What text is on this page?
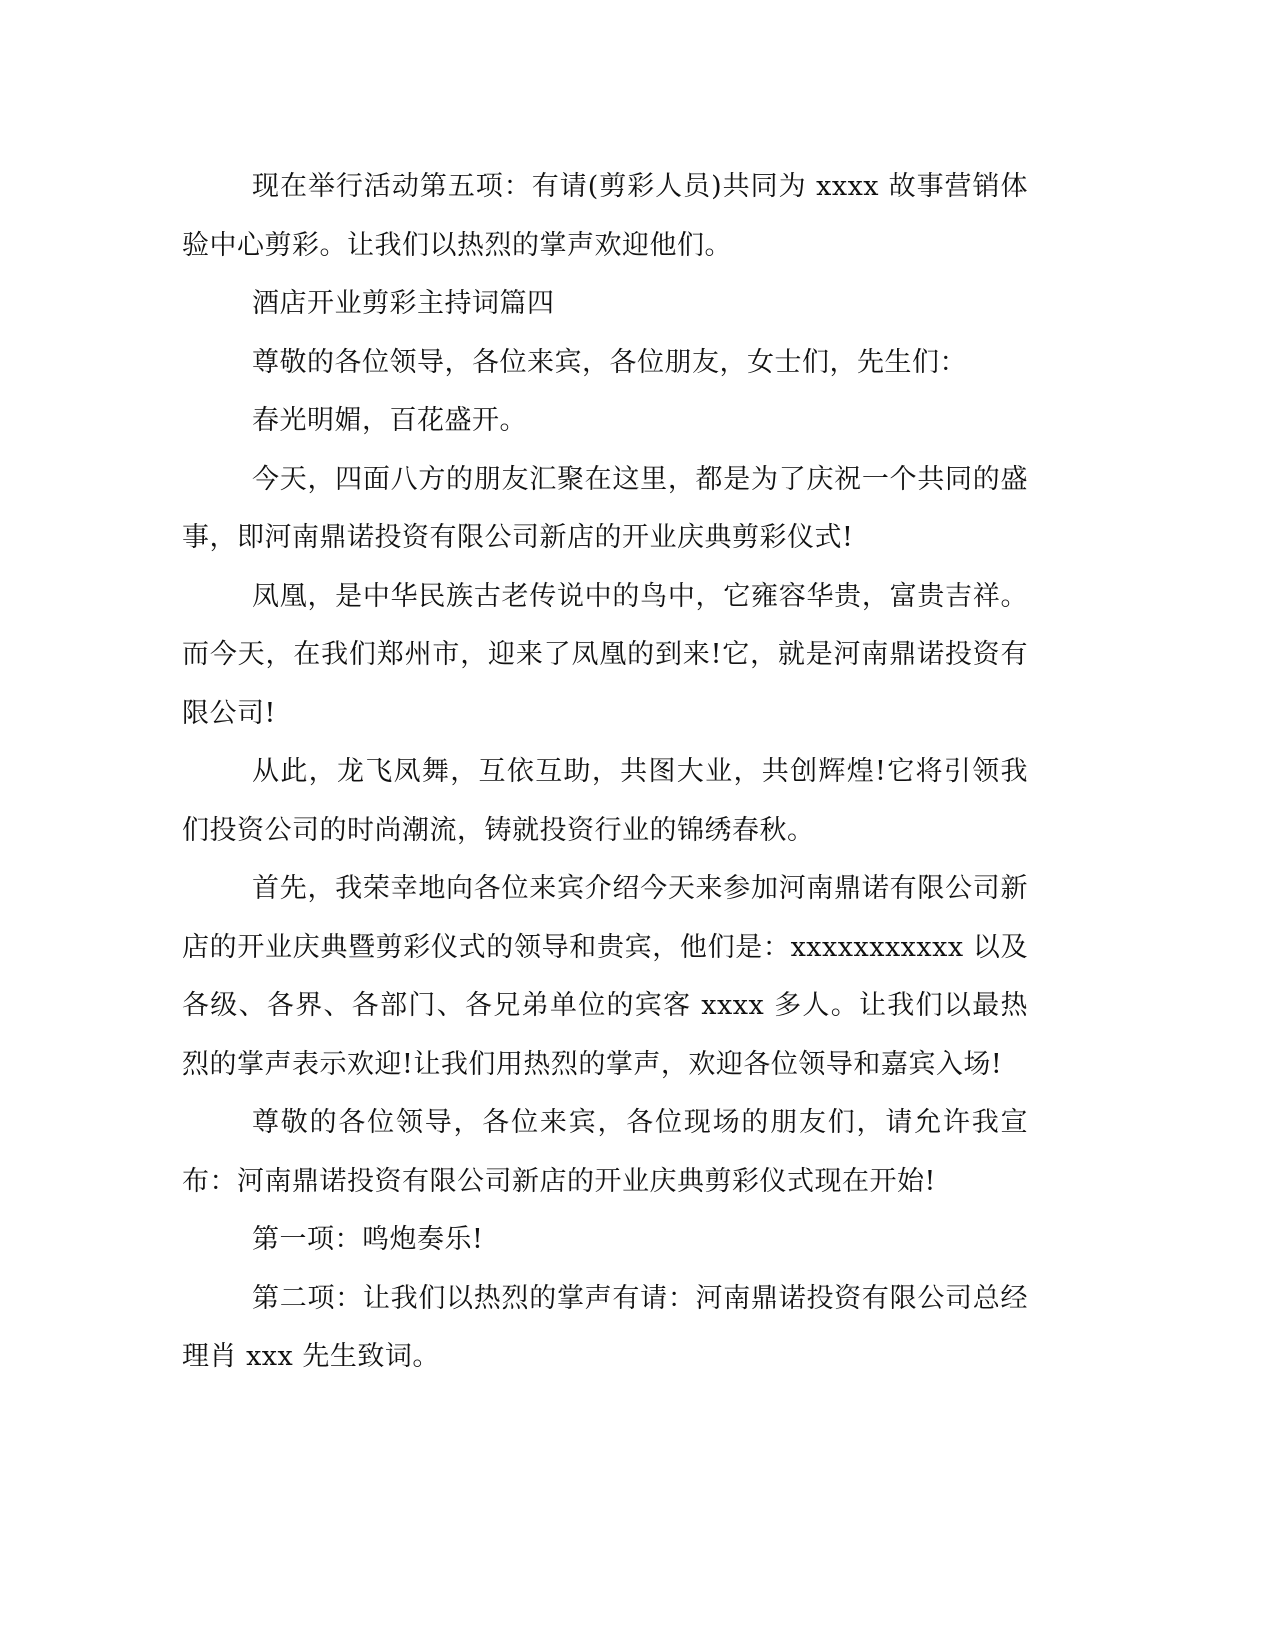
现在举行活动第五项：有请(剪彩人员)共同为 xxxx 故事营销体验中心剪彩。让我们以热烈的掌声欢迎他们。

酒店开业剪彩主持词篇四

尊敬的各位领导，各位来宾，各位朋友，女士们，先生们：

春光明媚，百花盛开。

今天，四面八方的朋友汇聚在这里，都是为了庆祝一个共同的盛事，即河南鼎诺投资有限公司新店的开业庆典剪彩仪式!

凤凰，是中华民族古老传说中的鸟中，它雍容华贵，富贵吉祥。而今天，在我们郑州市，迎来了凤凰的到来!它，就是河南鼎诺投资有限公司!

从此，龙飞凤舞，互依互助，共图大业，共创辉煌!它将引领我们投资公司的时尚潮流，铸就投资行业的锦绣春秋。

首先，我荣幸地向各位来宾介绍今天来参加河南鼎诺有限公司新店的开业庆典暨剪彩仪式的领导和贵宾，他们是：xxxxxxxxxxx 以及各级、各界、各部门、各兄弟单位的宾客 xxxx 多人。让我们以最热烈的掌声表示欢迎!让我们用热烈的掌声，欢迎各位领导和嘉宾入场!

尊敬的各位领导，各位来宾，各位现场的朋友们，请允许我宣布：河南鼎诺投资有限公司新店的开业庆典剪彩仪式现在开始!

第一项：鸣炮奏乐!

第二项：让我们以热烈的掌声有请：河南鼎诺投资有限公司总经理肖 xxx 先生致词。
